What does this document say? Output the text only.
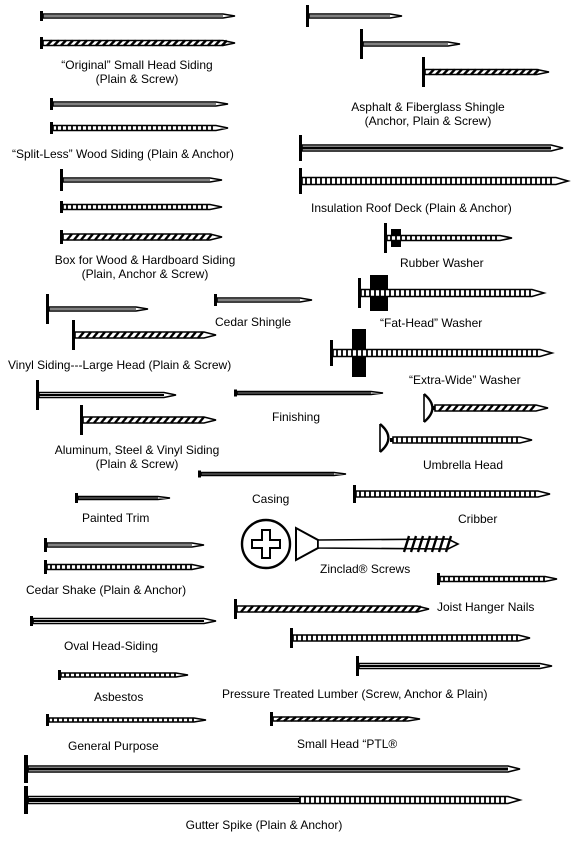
“Original” Small Head Siding
(Plain & Screw)
Asphalt & Fiberglass Shingle
(Anchor, Plain & Screw)
“Split-Less” Wood Siding (Plain & Anchor)
Insulation Roof Deck (Plain & Anchor)
Box for Wood & Hardboard Siding
(Plain, Anchor & Screw)
Rubber Washer
Cedar Shingle	“Fat-Head” Washer
Vinyl Siding---Large Head (Plain & Screw)
“Extra-Wide” Washer
Finishing
Aluminum, Steel & Vinyl Siding
(Plain & Screw)	Umbrella Head
Casing
Painted Trim	Cribber
Zinclad® Screws
Cedar Shake (Plain & Anchor)
Joist Hanger Nails
Oval Head-Siding
Asbestos	Pressure Treated Lumber (Screw, Anchor & Plain)
General Purpose	Small Head “PTL®
Gutter Spike (Plain & Anchor)
